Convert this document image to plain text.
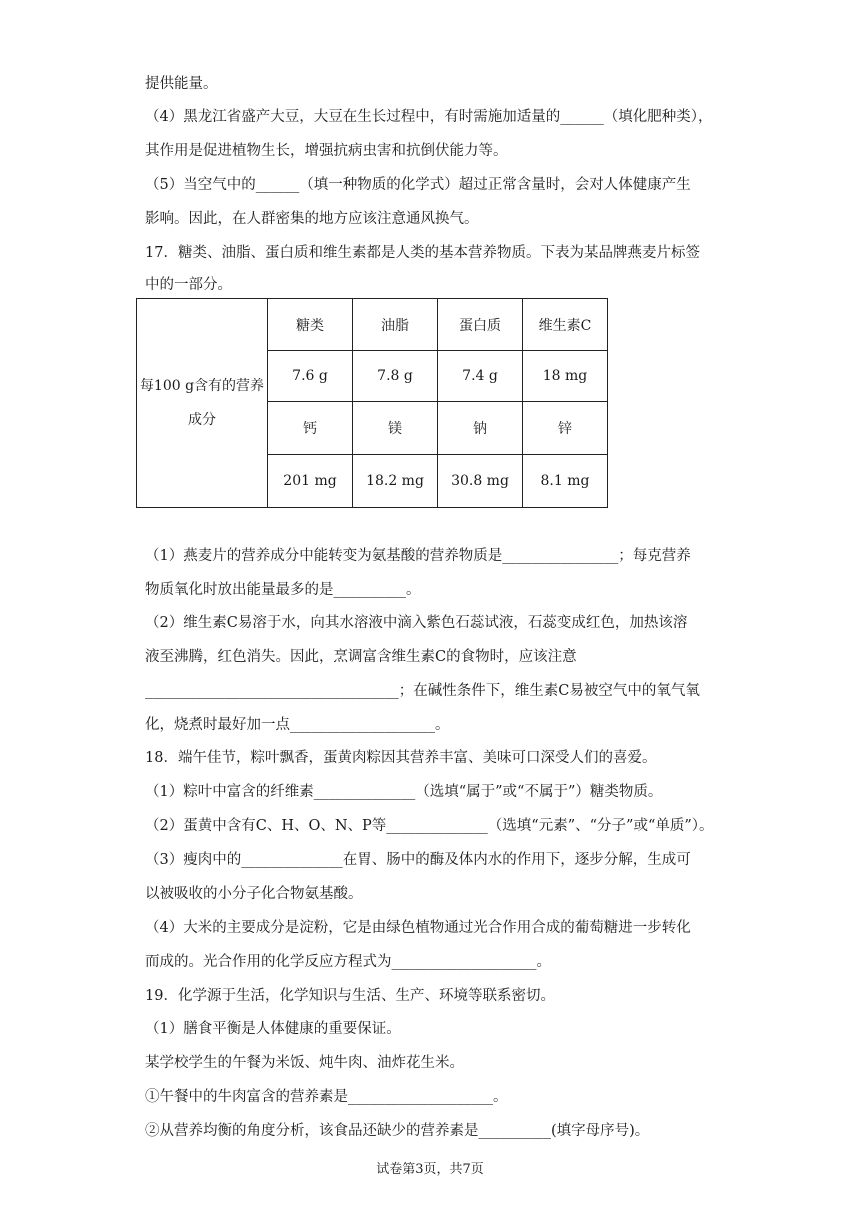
提供能量。
（4）黑龙江省盛产大豆，大豆在生长过程中，有时需施加适量的______（填化肥种类），
其作用是促进植物生长，增强抗病虫害和抗倒伏能力等。
（5）当空气中的______（填一种物质的化学式）超过正常含量时，会对人体健康产生
影响。因此，在人群密集的地方应该注意通风换气。
17．糖类、油脂、蛋白质和维生素都是人类的基本营养物质。下表为某品牌燕麦片标签
中的一部分。
每100 g含有的营养成分	糖类	油脂	蛋白质	维生素C
	7.6 g	7.8 g	7.4 g	18 mg
	钙	镁	钠	锌
	201 mg	18.2 mg	30.8 mg	8.1 mg
（1）燕麦片的营养成分中能转变为氨基酸的营养物质是________________；每克营养
物质氧化时放出能量最多的是__________。
（2）维生素C易溶于水，向其水溶液中滴入紫色石蕊试液，石蕊变成红色，加热该溶
液至沸腾，红色消失。因此，烹调富含维生素C的食物时，应该注意
___________________________________；在碱性条件下，维生素C易被空气中的氧气氧
化，烧煮时最好加一点____________________。
18．端午佳节，粽叶飘香，蛋黄肉粽因其营养丰富、美味可口深受人们的喜爱。
（1）粽叶中富含的纤维素______________（选填“属于”或“不属于”）糖类物质。
（2）蛋黄中含有C、H、O、N、P等______________（选填“元素”、“分子”或“单质”）。
（3）瘦肉中的______________在胃、肠中的酶及体内水的作用下，逐步分解，生成可
以被吸收的小分子化合物氨基酸。
（4）大米的主要成分是淀粉，它是由绿色植物通过光合作用合成的葡萄糖进一步转化
而成的。光合作用的化学反应方程式为____________________。
19．化学源于生活，化学知识与生活、生产、环境等联系密切。
（1）膳食平衡是人体健康的重要保证。
某学校学生的午餐为米饭、炖牛肉、油炸花生米。
①午餐中的牛肉富含的营养素是____________________。
②从营养均衡的角度分析，该食品还缺少的营养素是__________(填字母序号)。
试卷第3页，共7页
